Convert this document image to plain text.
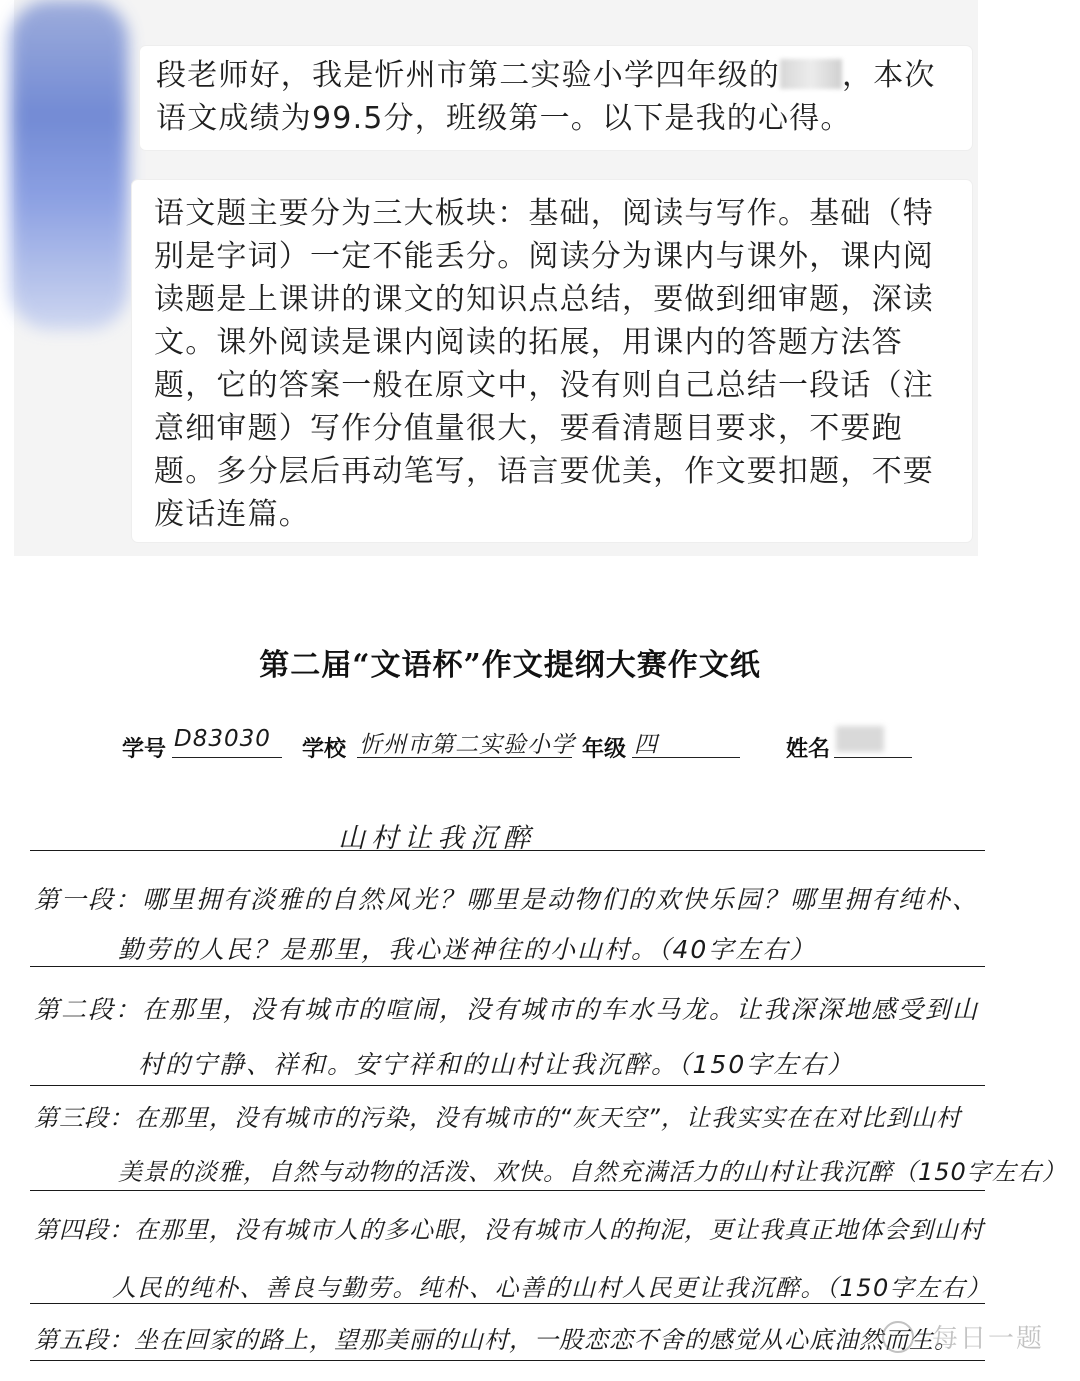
段老师好，我是忻州市第二实验小学四年级的 ，本次语文成绩为99.5分，班级第一。以下是我的心得。

语文题主要分为三大板块：基础，阅读与写作。基础（特别是字词）一定不能丢分。阅读分为课内与课外，课内阅读题是上课讲的课文的知识点总结，要做到细审题，深读文。课外阅读是课内阅读的拓展，用课内的答题方法答题，它的答案一般在原文中，没有则自己总结一段话（注意细审题）写作分值量很大，要看清题目要求，不要跑题。多分层后再动笔写，语言要优美，作文要扣题，不要废话连篇。

第二届“文语杯”作文提纲大赛作文纸
学号 D83030	学校 忻州市第二实验小学 年级 四	姓名
山村让我沉醉
第一段：哪里拥有淡雅的自然风光？哪里是动物们的欢快乐园？哪里拥有纯朴、
勤劳的人民？是那里，我心迷神往的小山村。（40字左右）
第二段：在那里，没有城市的喧闹，没有城市的车水马龙。让我深深地感受到山
村的宁静、祥和。安宁祥和的山村让我沉醉。（150字左右）
第三段：在那里，没有城市的污染，没有城市的“灰天空”，让我实实在在对比到山村
美景的淡雅，自然与动物的活泼、欢快。自然充满活力的山村让我沉醉（150字左右）
第四段：在那里，没有城市人的多心眼，没有城市人的拘泥，更让我真正地体会到山村
人民的纯朴、善良与勤劳。纯朴、心善的山村人民更让我沉醉。（150字左右）
第五段：坐在回家的路上，望那美丽的山村，一股恋恋不舍的感觉从心底油然而生。
每日一题
